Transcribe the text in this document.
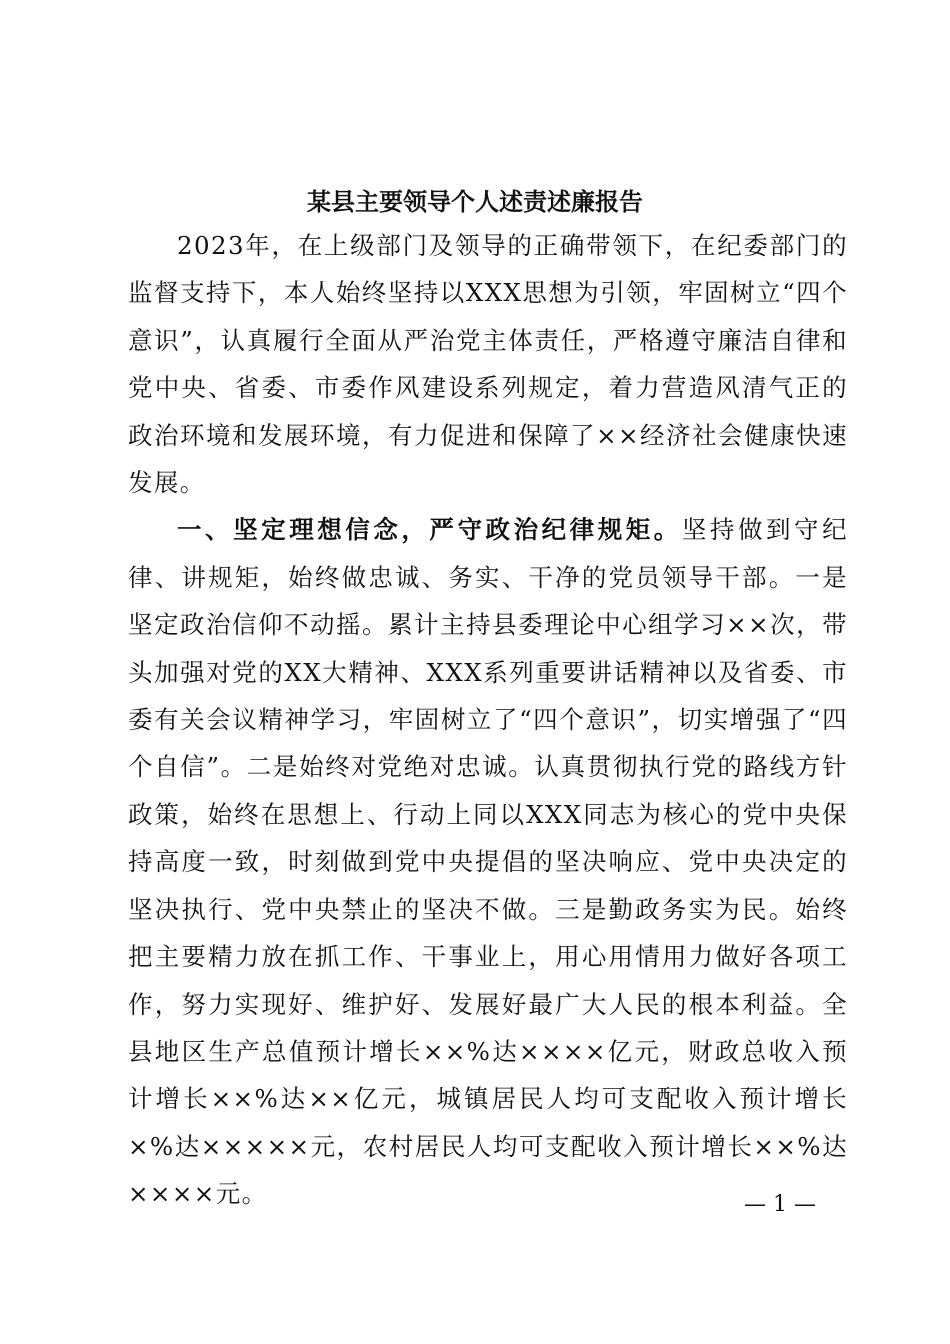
某县主要领导个人述责述廉报告

2023年，在上级部门及领导的正确带领下，在纪委部门的监督支持下，本人始终坚持以XXX思想为引领，牢固树立“四个意识”，认真履行全面从严治党主体责任，严格遵守廉洁自律和党中央、省委、市委作风建设系列规定，着力营造风清气正的政治环境和发展环境，有力促进和保障了××经济社会健康快速发展。

一、坚定理想信念，严守政治纪律规矩。坚持做到守纪律、讲规矩，始终做忠诚、务实、干净的党员领导干部。一是坚定政治信仰不动摇。累计主持县委理论中心组学习××次，带头加强对党的XX大精神、XXX系列重要讲话精神以及省委、市委有关会议精神学习，牢固树立了“四个意识”，切实增强了“四个自信”。二是始终对党绝对忠诚。认真贯彻执行党的路线方针政策，始终在思想上、行动上同以XXX同志为核心的党中央保持高度一致，时刻做到党中央提倡的坚决响应、党中央决定的坚决执行、党中央禁止的坚决不做。三是勤政务实为民。始终把主要精力放在抓工作、干事业上，用心用情用力做好各项工作，努力实现好、维护好、发展好最广大人民的根本利益。全县地区生产总值预计增长××%达××××亿元，财政总收入预计增长××%达××亿元，城镇居民人均可支配收入预计增长×%达×××××元，农村居民人均可支配收入预计增长××%达××××元。	— 1 —
